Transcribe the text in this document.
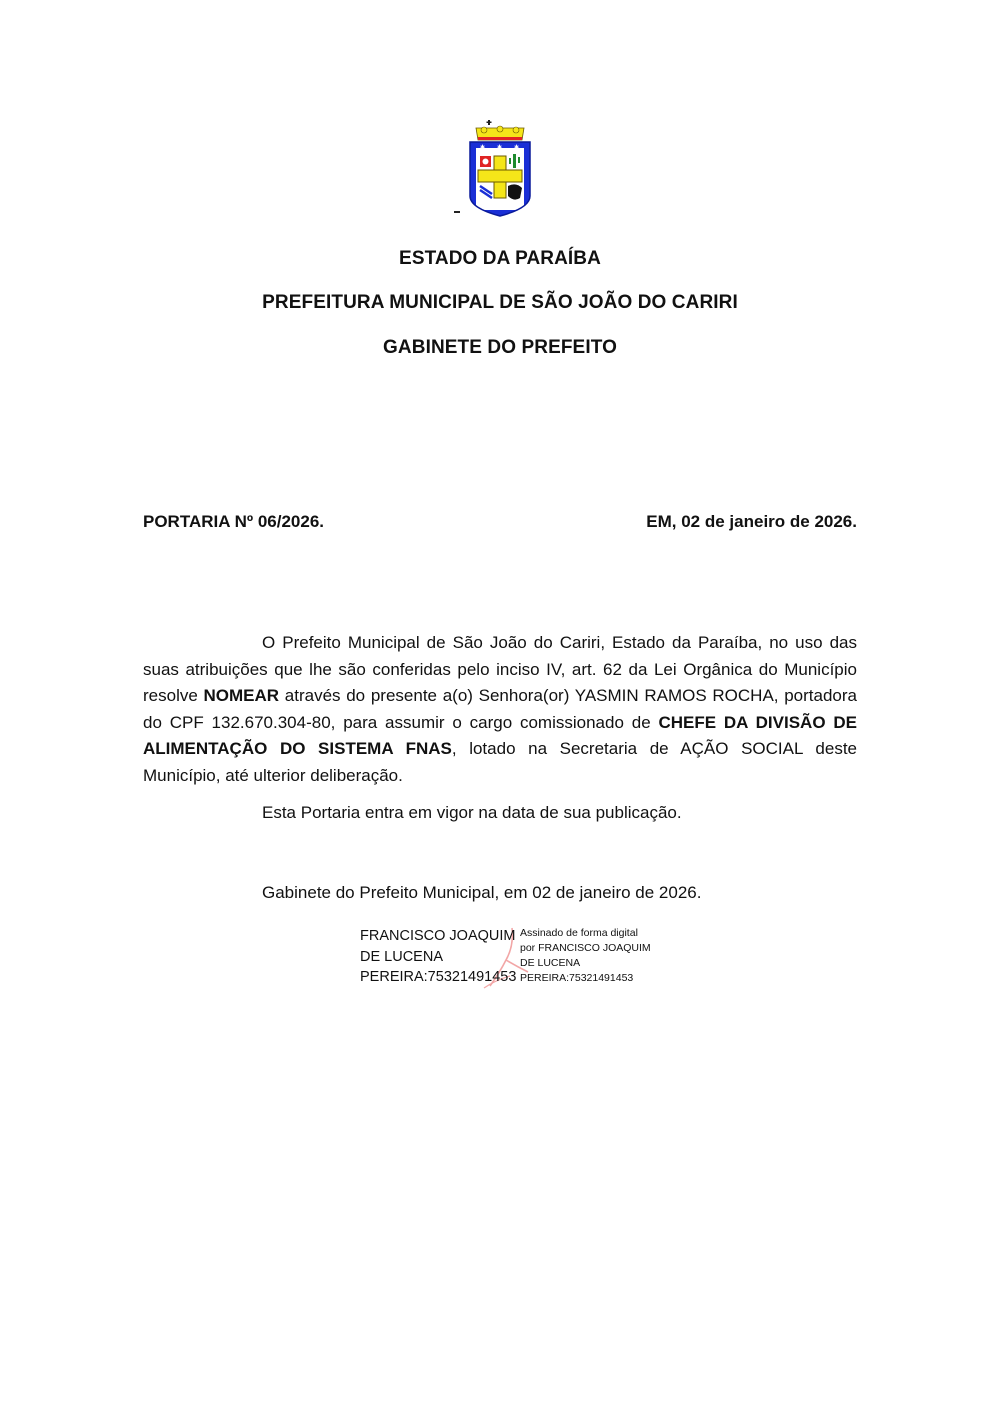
✱ ✱ ✱
ESTADO DA PARAÍBA
PREFEITURA MUNICIPAL DE SÃO JOÃO DO CARIRI
GABINETE DO PREFEITO
PORTARIA Nº 06/2026.	EM, 02 de janeiro de 2026.
O Prefeito Municipal de São João do Cariri, Estado da Paraíba, no uso das suas atribuições que lhe são conferidas pelo inciso IV, art. 62 da Lei Orgânica do Município resolve NOMEAR através do presente a(o) Senhora(or) YASMIN RAMOS ROCHA, portadora do CPF 132.670.304-80, para assumir o cargo comissionado de CHEFE DA DIVISÃO DE ALIMENTAÇÃO DO SISTEMA FNAS, lotado na Secretaria de AÇÃO SOCIAL deste Município, até ulterior deliberação.
Esta Portaria entra em vigor na data de sua publicação.
Gabinete do Prefeito Municipal, em 02 de janeiro de 2026.
FRANCISCO JOAQUIM
DE LUCENA
PEREIRA:75321491453
Assinado de forma digital
por FRANCISCO JOAQUIM
DE LUCENA
PEREIRA:75321491453
